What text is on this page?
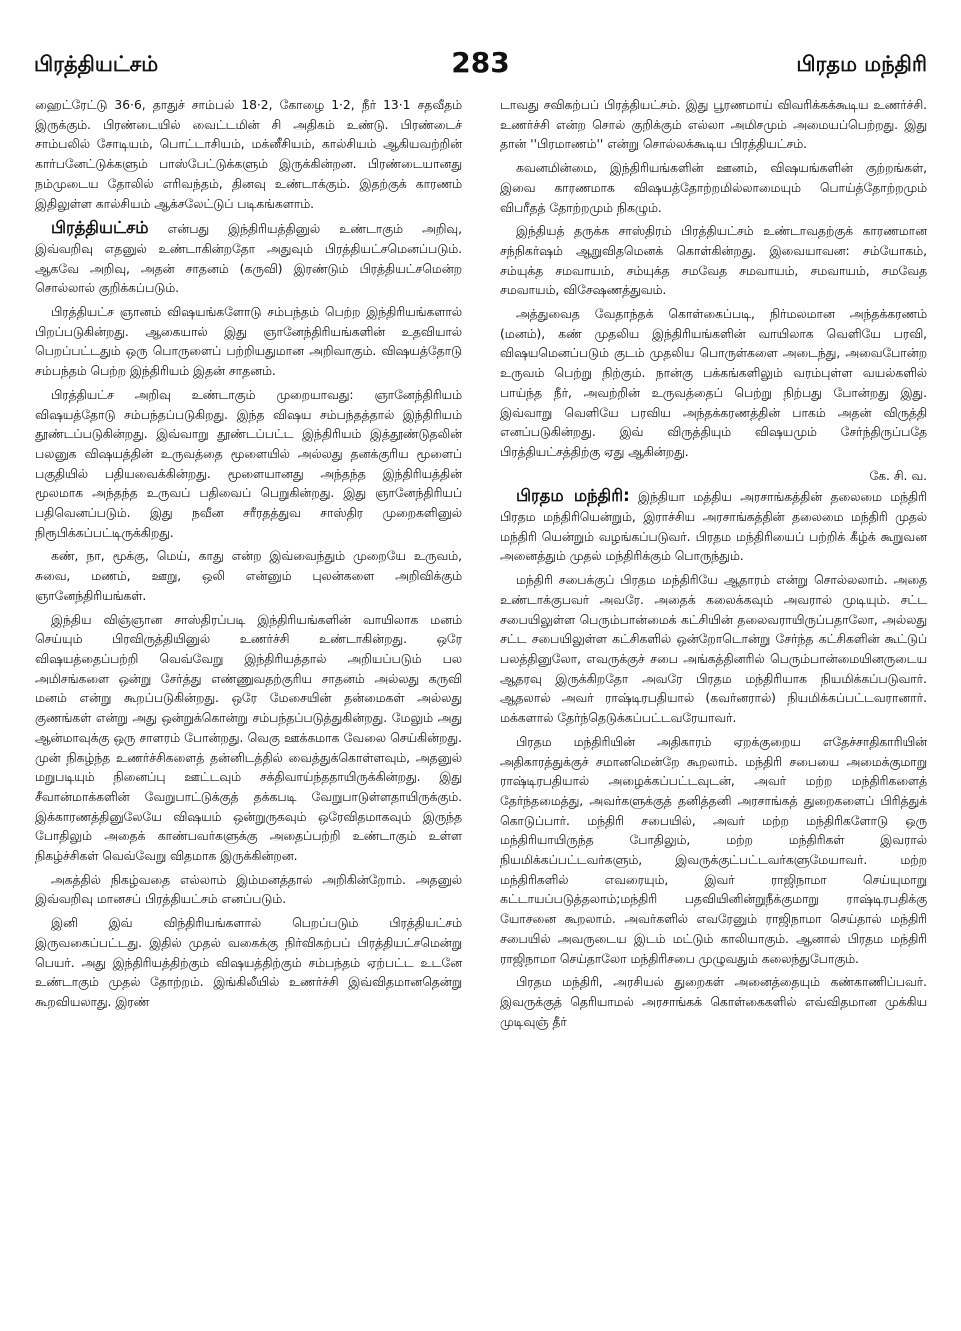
பிரத்தியட்சம்	283	பிரதம மந்திரி

ஹைட்ரேட்டு 36·6, தாதுச் சாம்பல் 18·2, கோழை 1·2, நீர் 13·1 சதவீதம் இருக்கும். பிரண்டையில் வைட்டமின் சி அதிகம் உண்டு. பிரண்டைச் சாம்பலில் சோடியம், பொட்டாசியம், மக்னீசியம், கால்சியம் ஆகியவற்றின் கார்பனேட்டுக்களும் பாஸ்பேட்டுக்களும் இருக்கின்றன. பிரண்டையானது நம்முடைய தோலில் எரிவந்தம், தினவு உண்டாக்கும். இதற்குக் காரணம் இதிலுள்ள கால்சியம் ஆக்சலேட்டுப் படிகங்களாம்.

பிரத்தியட்சம் என்பது இந்திரியத்தினுல் உண்டாகும் அறிவு, இவ்வறிவு எதனுல் உண்டாகின்றதோ அதுவும் பிரத்தியட்சமெனப்படும். ஆகவே அறிவு, அதன் சாதனம் (கருவி) இரண்டும் பிரத்தியட்சமென்ற சொல்லால் குறிக்கப்படும்.

பிரத்தியட்ச ஞானம் விஷயங்களோடு சம்பந்தம் பெற்ற இந்திரியங்களால் பிறப்படுகின்றது. ஆகையால் இது ஞானேந்திரியங்களின் உதவியால் பெறப்பட்டதும் ஒரு பொருளைப் பற்றியதுமான அறிவாகும். விஷயத்தோடு சம்பந்தம் பெற்ற இந்திரியம் இதன் சாதனம்.

பிரத்தியட்ச அறிவு உண்டாகும் முறையாவது: ஞானேந்திரியம் விஷயத்தோடு சம்பந்தப்படுகிறது. இந்த விஷய சம்பந்தத்தால் இந்திரியம் தூண்டப்படுகின்றது. இவ்வாறு தூண்டப்பட்ட இந்திரியம் இத்தூண்டுதலின் பலனுக விஷயத்தின் உருவத்தை மூளையில் அல்லது தனக்குரிய மூளைப் பகுதியில் பதியவைக்கின்றது. மூளையானது அந்தந்த இந்திரியத்தின் மூலமாக அந்தந்த உருவப் பதிவைப் பெறுகின்றது. இது ஞானேந்திரியப் பதிவெனப்படும். இது நவீன சரீரதத்துவ சாஸ்திர முறைகளினுல் நிரூபிக்கப்பட்டிருக்கிறது.

கண், நா, மூக்கு, மெய், காது என்ற இவ்வைந்தும் முறையே உருவம், சுவை, மணம், ஊறு, ஒலி என்னும் புலன்களை அறிவிக்கும் ஞானேந்திரியங்கள்.

இந்திய விஞ்ஞான சாஸ்திரப்படி இந்திரியங்களின் வாயிலாக மனம் செய்யும் பிரவிருத்தியினுல் உணர்ச்சி உண்டாகின்றது. ஒரே விஷயத்தைப்பற்றி வெவ்வேறு இந்திரியத்தால் அறியப்படும் பல அமிசங்களை ஒன்று சேர்த்து எண்ணுவதற்குரிய சாதனம் அல்லது கருவி மனம் என்று கூறப்படுகின்றது. ஒரே மேசையின் தன்மைகள் அல்லது குணங்கள் என்று அது ஒன்றுக்கொன்று சம்பந்தப்படுத்துகின்றது. மேலும் அது ஆன்மாவுக்கு ஒரு சாளரம் போன்றது. வெகு ஊக்கமாக வேலை செய்கின்றது. முன் நிகழ்ந்த உணர்ச்சிகளைத் தன்னிடத்தில் வைத்துக்கொள்ளவும், அதனுல் மறுபடியும் நினைப்பு ஊட்டவும் சக்திவாய்ந்ததாயிருக்கின்றது. இது சீவான்மாக்களின் வேறுபாட்டுக்குத் தக்கபடி வேறுபாடுள்ளதாயிருக்கும். இக்காரணத்தினுலேயே விஷயம் ஒன்றுருகவும் ஒரேவிதமாகவும் இருந்த போதிலும் அதைக் காண்பவர்களுக்கு அதைப்பற்றி உண்டாகும் உள்ள நிகழ்ச்சிகள் வெவ்வேறு விதமாக இருக்கின்றன.

அகத்தில் நிகழ்வதை எல்லாம் இம்மனத்தால் அறிகின்றோம். அதனுல் இவ்வறிவு மானசப் பிரத்தியட்சம் எனப்படும்.

இனி இவ் விந்திரியங்களால் பெறப்படும் பிரத்தியட்சம் இருவகைப்பட்டது. இதில் முதல் வகைக்கு நிர்விகற்பப் பிரத்தியட்சமென்று பெயர். அது இந்திரியத்திற்கும் விஷயத்திற்கும் சம்பந்தம் ஏற்பட்ட உடனே உண்டாகும் முதல் தோற்றம். இங்கிலீயில் உணர்ச்சி இவ்விதமானதென்று கூறவியலாது. இரண்

டாவது சவிகற்பப் பிரத்தியட்சம். இது பூரணமாய் விவரிக்கக்கூடிய உணர்ச்சி. உணர்ச்சி என்ற சொல் குறிக்கும் எல்லா அமிசமும் அமையப்பெற்றது. இது தான் ''பிரமாணம்'' என்று சொல்லக்கூடிய பிரத்தியட்சம்.

கவனமின்மை, இந்திரியங்களின் ஊனம், விஷயங்களின் குற்றங்கள், இவை காரணமாக விஷயத்தோற்றமில்லாமையும் பொய்த்தோற்றமும் விபரீதத் தோற்றமும் நிகழும்.

இந்தியத் தருக்க சாஸ்திரம் பிரத்தியட்சம் உண்டாவதற்குக் காரணமான சந்நிகர்ஷம் ஆறுவிதமெனக் கொள்கின்றது. இவையாவன: சம்யோகம், சம்யுக்த சமவாயம், சம்யுக்த சமவேத சமவாயம், சமவாயம், சமவேத சமவாயம், விசேஷணத்துவம்.

அத்துவைத வேதாந்தக் கொள்கைப்படி, நிர்மலமான அந்தக்கரணம் (மனம்), கண் முதலிய இந்திரியங்களின் வாயிலாக வெளியே பரவி, விஷயமெனப்படும் குடம் முதலிய பொருள்களை அடைந்து, அவைபோன்ற உருவம் பெற்று நிற்கும். நான்கு பக்கங்களிலும் வரம்புள்ள வயல்களில் பாய்ந்த நீர், அவற்றின் உருவத்தைப் பெற்று நிற்பது போன்றது இது. இவ்வாறு வெளியே பரவிய அந்தக்கரணத்தின் பாகம் அதன் விருத்தி எனப்படுகின்றது. இவ் விருத்தியும் விஷயமும் சேர்ந்திருப்பதே பிரத்தியட்சத்திற்கு ஏது ஆகின்றது.

கே. சி. வ.

பிரதம மந்திரி: இந்தியா மத்திய அரசாங்கத்தின் தலைமை மந்திரி பிரதம மந்திரியென்றும், இராச்சிய அரசாங்கத்தின் தலைமை மந்திரி முதல் மந்திரி யென்றும் வழங்கப்படுவர். பிரதம மந்திரியைப் பற்றிக் கீழ்க் கூறுவன அனைத்தும் முதல் மந்திரிக்கும் பொருந்தும்.

மந்திரி சபைக்குப் பிரதம மந்திரியே ஆதாரம் என்று சொல்லலாம். அதை உண்டாக்குபவர் அவரே. அதைக் கலைக்கவும் அவரால் முடியும். சட்ட சபையிலுள்ள பெரும்பான்மைக் கட்சியின் தலைவராயிருப்பதாலோ, அல்லது சட்ட சபையிலுள்ள கட்சிகளில் ஒன்றோடொன்று சேர்ந்த கட்சிகளின் கூட்டுப் பலத்தினுலோ, எவருக்குச் சபை அங்கத்தினரில் பெரும்பான்மையினருடைய ஆதரவு இருக்கிறதோ அவரே பிரதம மந்திரியாக நியமிக்கப்படுவார். ஆதலால் அவர் ராஷ்டிரபதியால் (கவர்னரால்) நியமிக்கப்பட்டவரானார். மக்களால் தேர்ந்தெடுக்கப்பட்டவரேயாவர்.

பிரதம மந்திரியின் அதிகாரம் ஏறக்குறைய எதேச்சாதிகாரியின் அதிகாரத்துக்குச் சமானமென்றே கூறலாம். மந்திரி சபையை அமைக்குமாறு ராஷ்டிரபதியால் அழைக்கப்பட்டவுடன், அவர் மற்ற மந்திரிகளைத் தேர்ந்தமைத்து, அவர்களுக்குத் தனித்தனி அரசாங்கத் துறைகளைப் பிரித்துக் கொடுப்பார். மந்திரி சபையில், அவர் மற்ற மந்திரிகளோடு ஒரு மந்திரியாயிருந்த போதிலும், மற்ற மந்திரிகள் இவரால் நியமிக்கப்பட்டவர்களும், இவருக்குட்பட்டவர்களுமேயாவர். மற்ற மந்திரிகளில் எவரையும், இவர் ராஜிநாமா செய்யுமாறு கட்டாயப்படுத்தலாம்;மந்திரி பதவியினின்றுநீக்குமாறு ராஷ்டிரபதிக்கு யோசனை கூறலாம். அவர்களில் எவரேனும் ராஜிநாமா செய்தால் மந்திரி சபையில் அவருடைய இடம் மட்டும் காலியாகும். ஆனால் பிரதம மந்திரி ராஜிநாமா செய்தாலோ மந்திரிசபை முழுவதும் கலைந்துபோகும்.

பிரதம மந்திரி, அரசியல் துறைகள் அனைத்தையும் கண்காணிப்பவர். இவருக்குத் தெரியாமல் அரசாங்கக் கொள்கைகளில் எவ்விதமான முக்கிய முடிவுஞ் தீர்
